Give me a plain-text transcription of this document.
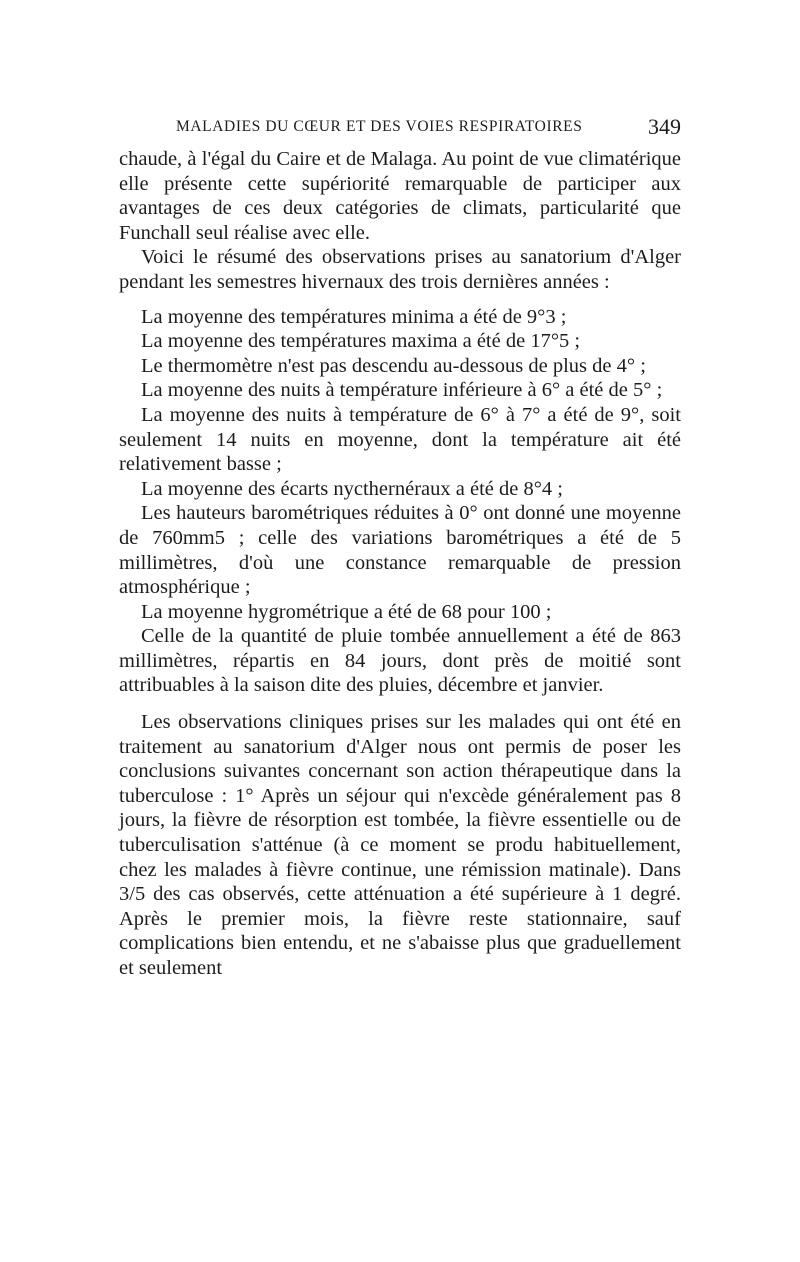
MALADIES DU CŒUR ET DES VOIES RESPIRATOIRES	349

chaude, à l'égal du Caire et de Malaga. Au point de vue climatérique elle présente cette supériorité remarquable de participer aux avantages de ces deux catégories de climats, particularité que Funchall seul réalise avec elle.

Voici le résumé des observations prises au sanatorium d'Alger pendant les semestres hivernaux des trois dernières années :

La moyenne des températures minima a été de 9°3 ;

La moyenne des températures maxima a été de 17°5 ;

Le thermomètre n'est pas descendu au-dessous de plus de 4° ;

La moyenne des nuits à température inférieure à 6° a été de 5° ;

La moyenne des nuits à température de 6° à 7° a été de 9°, soit seulement 14 nuits en moyenne, dont la température ait été relativement basse ;

La moyenne des écarts nycthernéraux a été de 8°4 ;

Les hauteurs barométriques réduites à 0° ont donné une moyenne de 760mm5 ; celle des variations barométriques a été de 5 millimètres, d'où une constance remarquable de pression atmosphérique ;

La moyenne hygrométrique a été de 68 pour 100 ;

Celle de la quantité de pluie tombée annuellement a été de 863 millimètres, répartis en 84 jours, dont près de moitié sont attribuables à la saison dite des pluies, décembre et janvier.

Les observations cliniques prises sur les malades qui ont été en traitement au sanatorium d'Alger nous ont permis de poser les conclusions suivantes concernant son action thérapeutique dans la tuberculose : 1° Après un séjour qui n'excède généralement pas 8 jours, la fièvre de résorption est tombée, la fièvre essentielle ou de tuberculisation s'atténue (à ce moment se produ habituellement, chez les malades à fièvre continue, une rémission matinale). Dans 3/5 des cas observés, cette atténuation a été supérieure à 1 degré. Après le premier mois, la fièvre reste stationnaire, sauf complications bien entendu, et ne s'abaisse plus que graduellement et seulement
